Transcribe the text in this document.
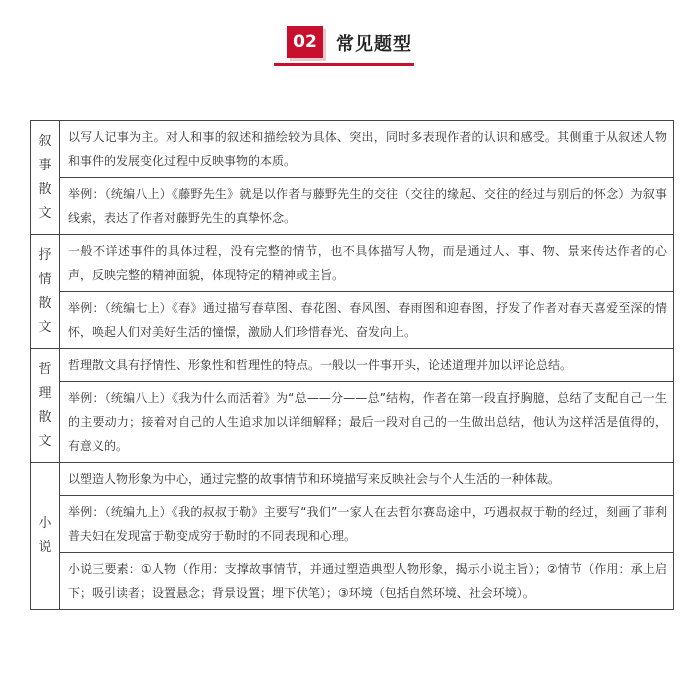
02	常见题型
叙
事
散
文	以写人记事为主。对人和事的叙述和描绘较为具体、突出，同时多表现作者的认识和感受。其侧重于从叙述人物和事件的发展变化过程中反映事物的本质。
	举例：（统编八上）《藤野先生》就是以作者与藤野先生的交往（交往的缘起、交往的经过与别后的怀念）为叙事线索，表达了作者对藤野先生的真挚怀念。

抒
情
散
文	一般不详述事件的具体过程，没有完整的情节，也不具体描写人物，而是通过人、事、物、景来传达作者的心声，反映完整的精神面貌，体现特定的精神或主旨。
	举例：（统编七上）《春》通过描写春草图、春花图、春风图、春雨图和迎春图，抒发了作者对春天喜爱至深的情怀，唤起人们对美好生活的憧憬，激励人们珍惜春光、奋发向上。

哲
理
散
文	哲理散文具有抒情性、形象性和哲理性的特点。一般以一件事开头，论述道理并加以评论总结。
	举例：（统编八上）《我为什么而活着》为“总——分——总”结构，作者在第一段直抒胸臆，总结了支配自己一生的主要动力；接着对自己的人生追求加以详细解释；最后一段对自己的一生做出总结，他认为这样活是值得的，有意义的。

小
说	以塑造人物形象为中心，通过完整的故事情节和环境描写来反映社会与个人生活的一种体裁。
	举例：（统编九上）《我的叔叔于勒》主要写“我们”一家人在去哲尔赛岛途中，巧遇叔叔于勒的经过，刻画了菲利普夫妇在发现富于勒变成穷于勒时的不同表现和心理。
	小说三要素：①人物（作用：支撑故事情节，并通过塑造典型人物形象，揭示小说主旨）；②情节（作用：承上启下；吸引读者；设置悬念；背景设置；埋下伏笔）；③环境（包括自然环境、社会环境）。
